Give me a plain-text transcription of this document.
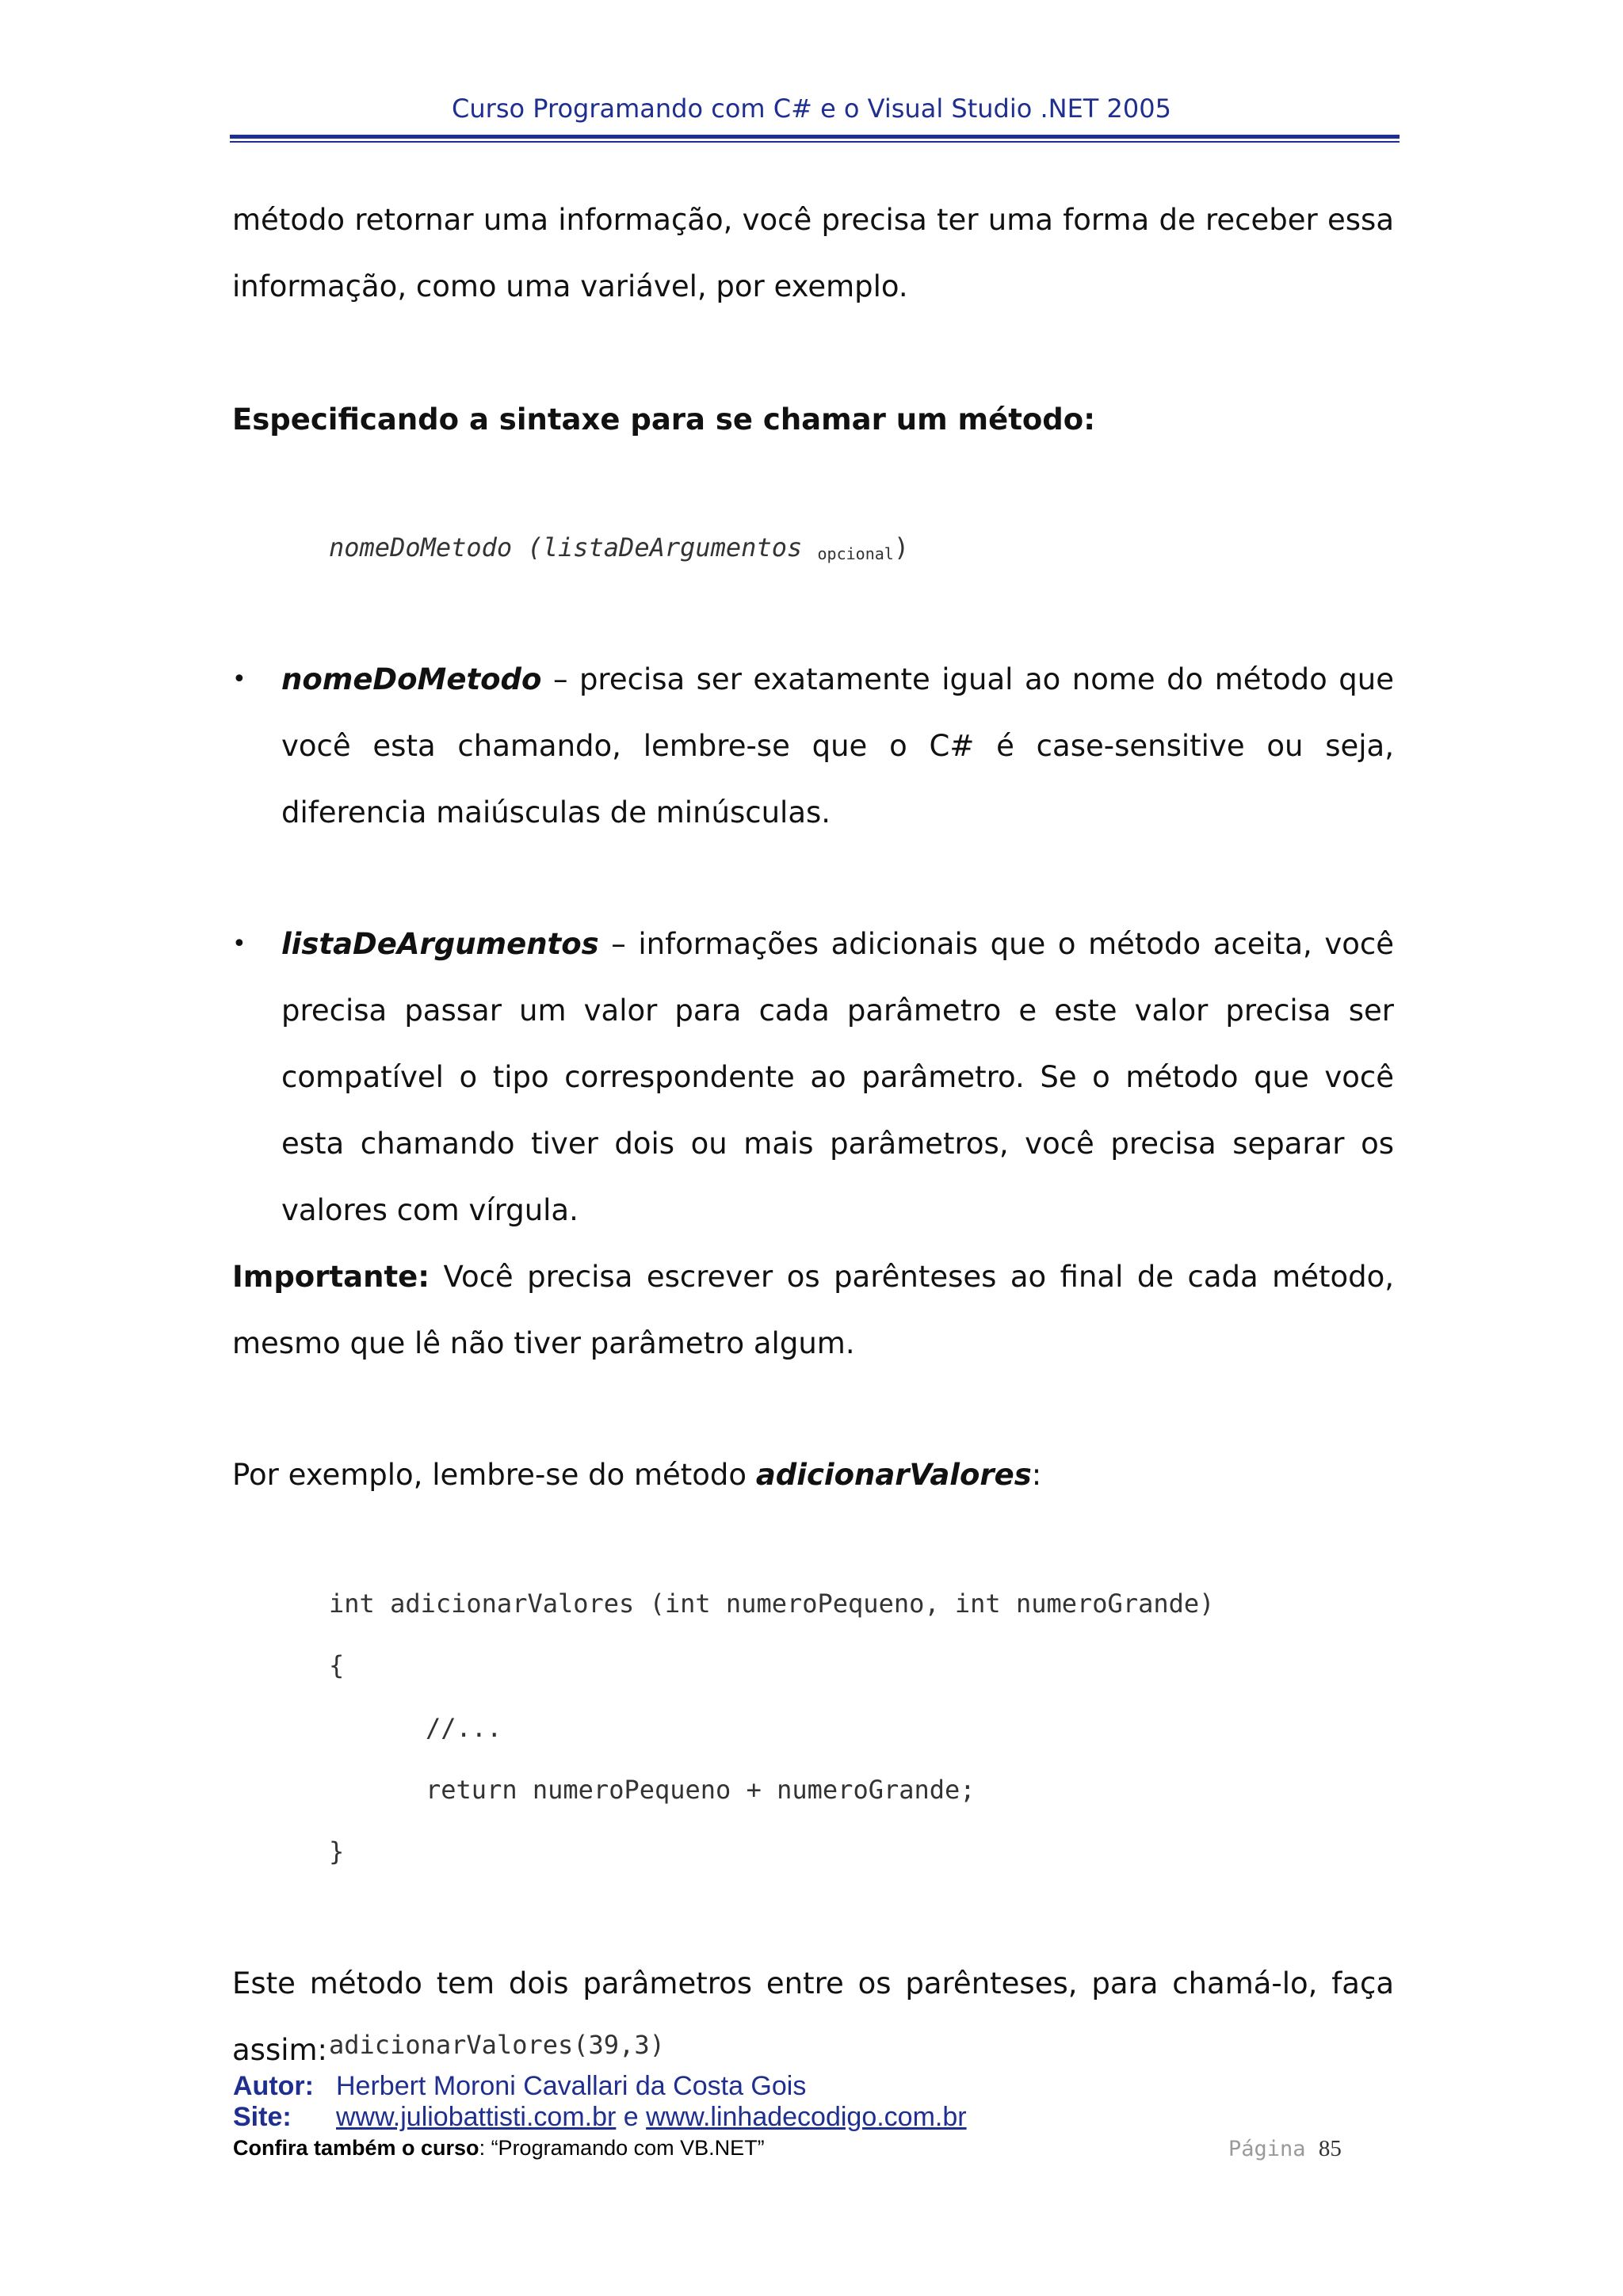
Curso Programando com C# e o Visual Studio .NET 2005
método retornar uma informação, você precisa ter uma forma de receber essa
informação, como uma variável, por exemplo.
Especificando a sintaxe para se chamar um método:
nomeDoMetodo (listaDeArgumentos opcional)
• nomeDoMetodo – precisa ser exatamente igual ao nome do método que você esta chamando, lembre-se que o C# é case-sensitive ou seja, diferencia maiúsculas de minúsculas.
• listaDeArgumentos – informações adicionais que o método aceita, você precisa passar um valor para cada parâmetro e este valor precisa ser compatível o tipo correspondente ao parâmetro. Se o método que você esta chamando tiver dois ou mais parâmetros, você precisa separar os valores com vírgula.
Importante: Você precisa escrever os parênteses ao final de cada método, mesmo que lê não tiver parâmetro algum.
Por exemplo, lembre-se do método adicionarValores:
int adicionarValores (int numeroPequeno, int numeroGrande)
{
//...
return numeroPequeno + numeroGrande;
}
Este método tem dois parâmetros entre os parênteses, para chamá-lo, faça assim: adicionarValores(39,3)
Autor: Herbert Moroni Cavallari da Costa Gois
Site: www.juliobattisti.com.br e www.linhadecodigo.com.br
Confira também o curso: “Programando com VB.NET”	Página 85
